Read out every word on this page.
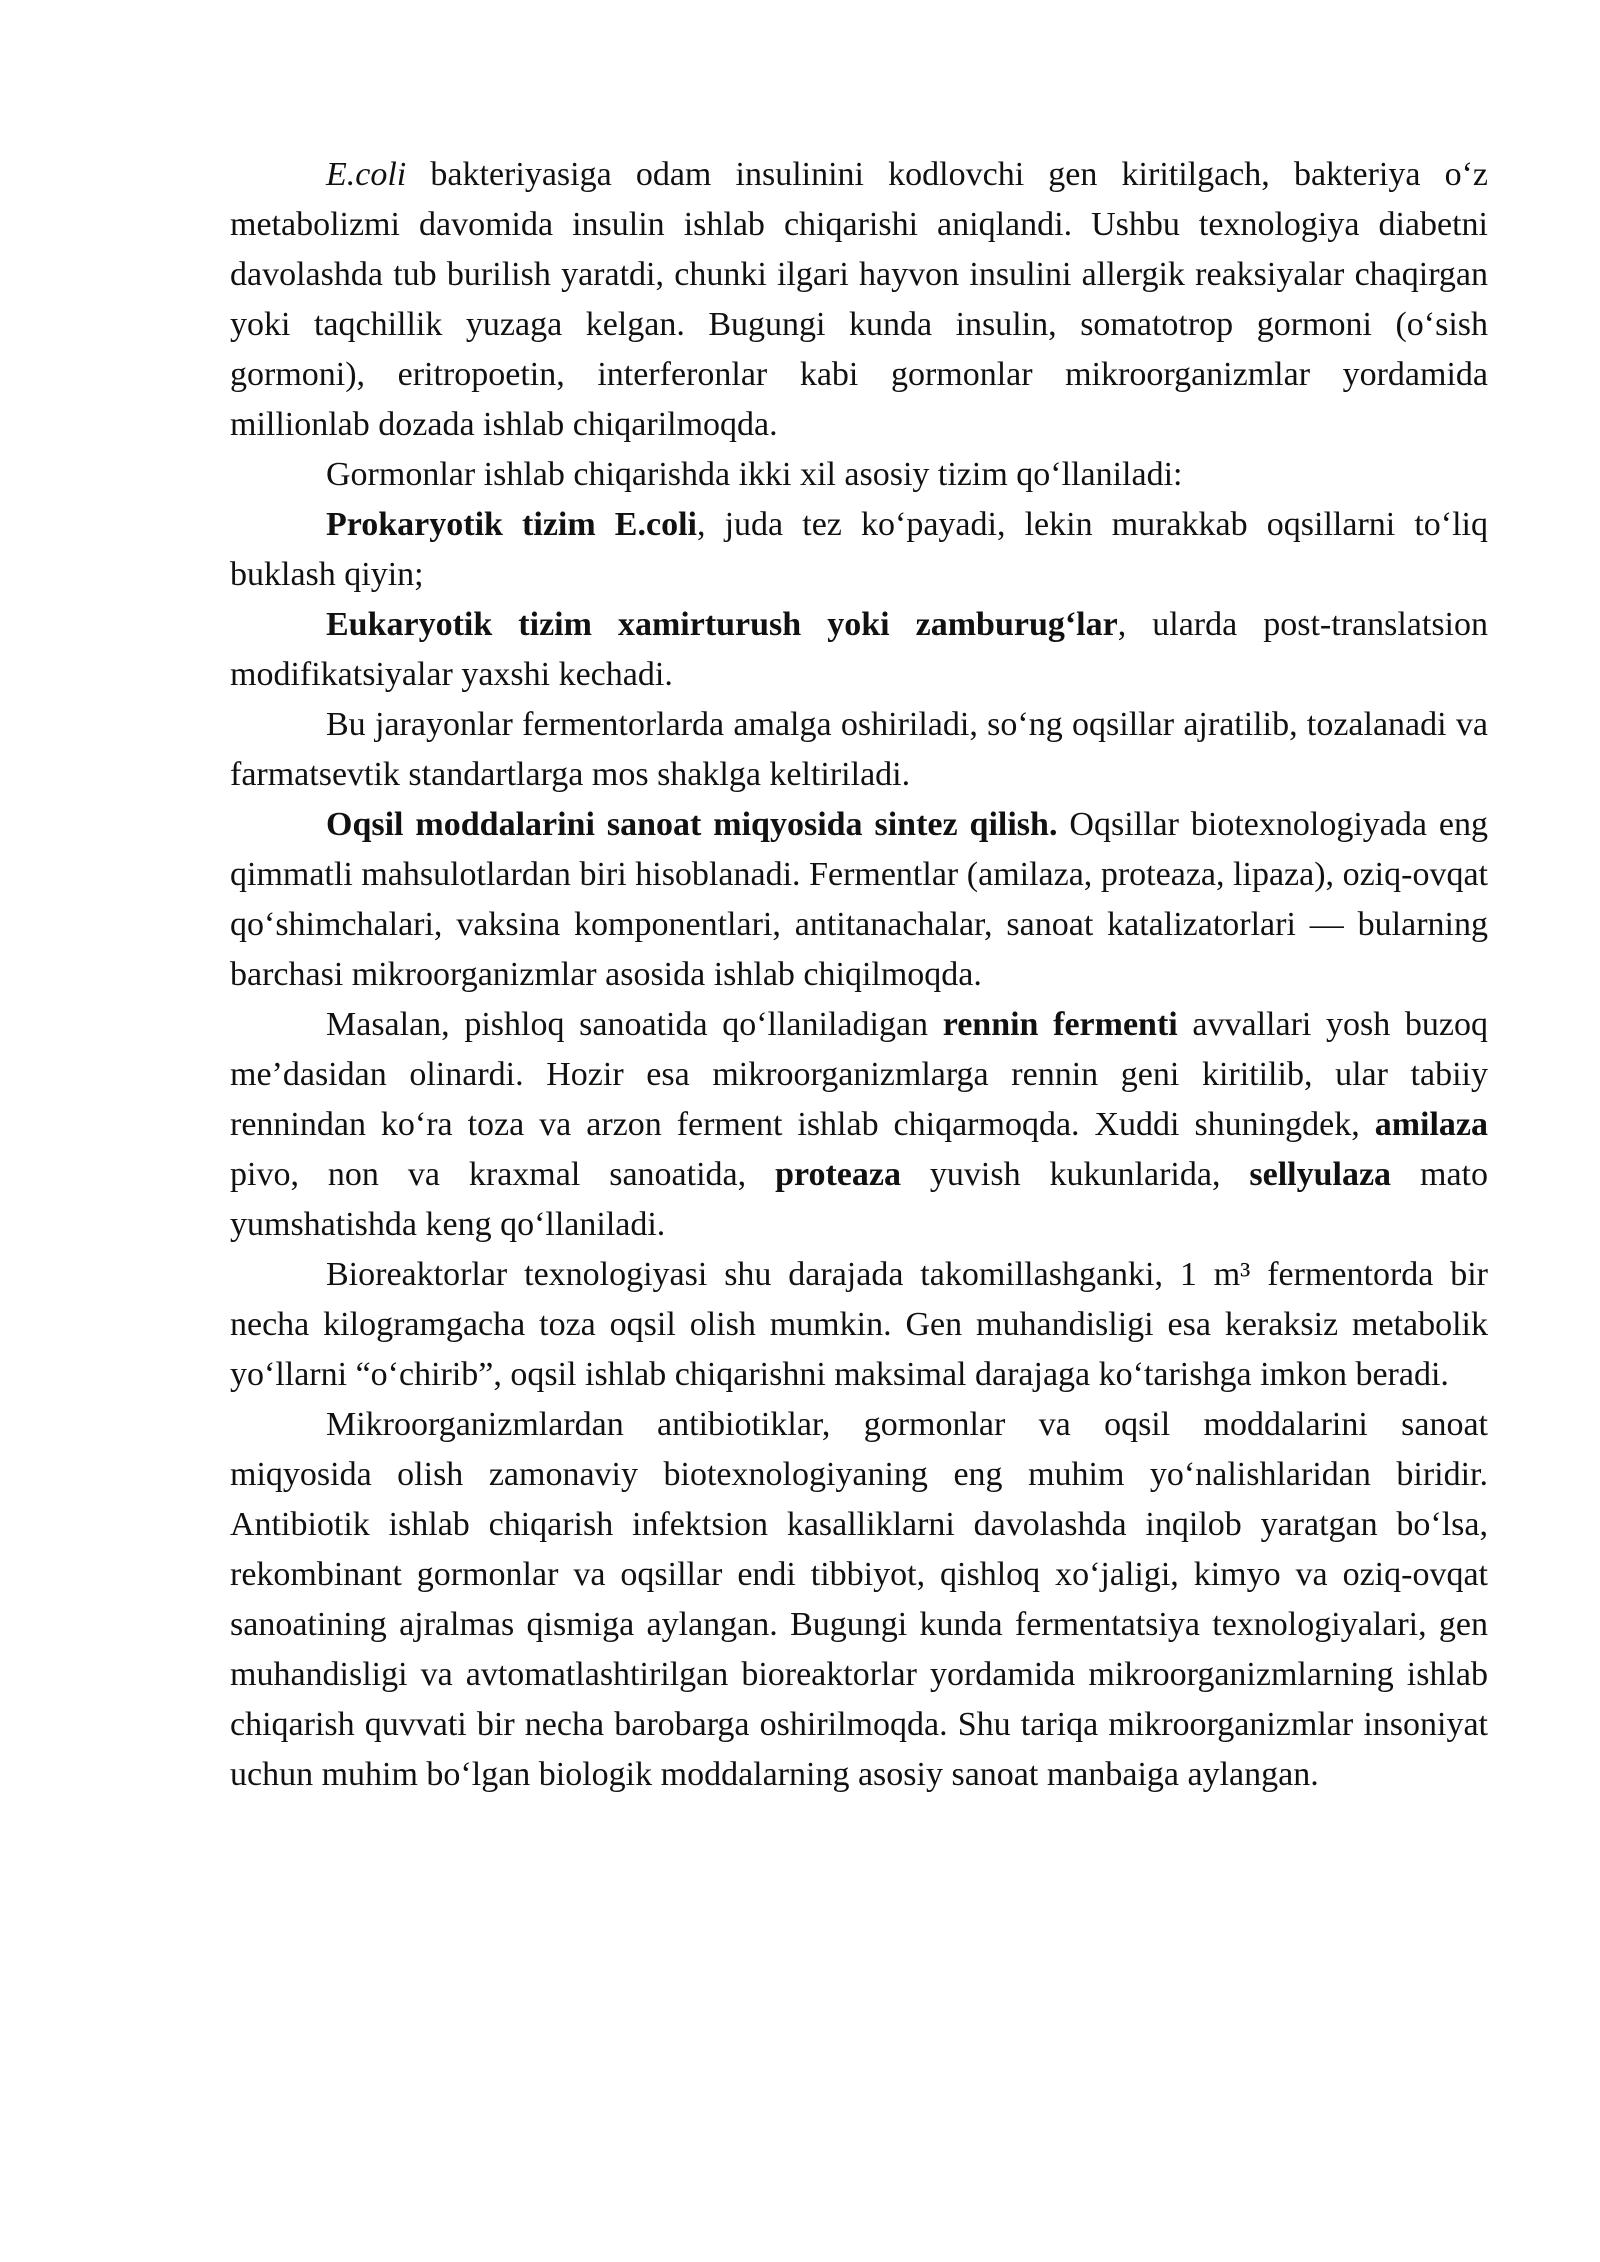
E.coli bakteriyasiga odam insulinini kodlovchi gen kiritilgach, bakteriya o‘z metabolizmi davomida insulin ishlab chiqarishi aniqlandi. Ushbu texnologiya diabetni davolashda tub burilish yaratdi, chunki ilgari hayvon insulini allergik reaksiyalar chaqirgan yoki taqchillik yuzaga kelgan. Bugungi kunda insulin, somatotrop gormoni (o‘sish gormoni), eritropoetin, interferonlar kabi gormonlar mikroorganizmlar yordamida millionlab dozada ishlab chiqarilmoqda.

Gormonlar ishlab chiqarishda ikki xil asosiy tizim qo‘llaniladi:

Prokaryotik tizim E.coli, juda tez ko‘payadi, lekin murakkab oqsillarni to‘liq buklash qiyin;

Eukaryotik tizim xamirturush yoki zamburug‘lar, ularda post-translatsion modifikatsiyalar yaxshi kechadi.

Bu jarayonlar fermentorlarda amalga oshiriladi, so‘ng oqsillar ajratilib, tozalanadi va farmatsevtik standartlarga mos shaklga keltiriladi.

Oqsil moddalarini sanoat miqyosida sintez qilish. Oqsillar biotexnologiyada eng qimmatli mahsulotlardan biri hisoblanadi. Fermentlar (amilaza, proteaza, lipaza), oziq-ovqat qo‘shimchalari, vaksina komponentlari, antitanachalar, sanoat katalizatorlari — bularning barchasi mikroorganizmlar asosida ishlab chiqilmoqda.

Masalan, pishloq sanoatida qo‘llaniladigan rennin fermenti avvallari yosh buzoq me’dasidan olinardi. Hozir esa mikroorganizmlarga rennin geni kiritilib, ular tabiiy rennindan ko‘ra toza va arzon ferment ishlab chiqarmoqda. Xuddi shuningdek, amilaza pivo, non va kraxmal sanoatida, proteaza yuvish kukunlarida, sellyulaza mato yumshatishda keng qo‘llaniladi.

Bioreaktorlar texnologiyasi shu darajada takomillashganki, 1 m³ fermentorda bir necha kilogramgacha toza oqsil olish mumkin. Gen muhandisligi esa keraksiz metabolik yo‘llarni “o‘chirib”, oqsil ishlab chiqarishni maksimal darajaga ko‘tarishga imkon beradi.

Mikroorganizmlardan antibiotiklar, gormonlar va oqsil moddalarini sanoat miqyosida olish zamonaviy biotexnologiyaning eng muhim yo‘nalishlaridan biridir. Antibiotik ishlab chiqarish infektsion kasalliklarni davolashda inqilob yaratgan bo‘lsa, rekombinant gormonlar va oqsillar endi tibbiyot, qishloq xo‘jaligi, kimyo va oziq-ovqat sanoatining ajralmas qismiga aylangan. Bugungi kunda fermentatsiya texnologiyalari, gen muhandisligi va avtomatlashtirilgan bioreaktorlar yordamida mikroorganizmlarning ishlab chiqarish quvvati bir necha barobarga oshirilmoqda. Shu tariqa mikroorganizmlar insoniyat uchun muhim bo‘lgan biologik moddalarning asosiy sanoat manbaiga aylangan.
